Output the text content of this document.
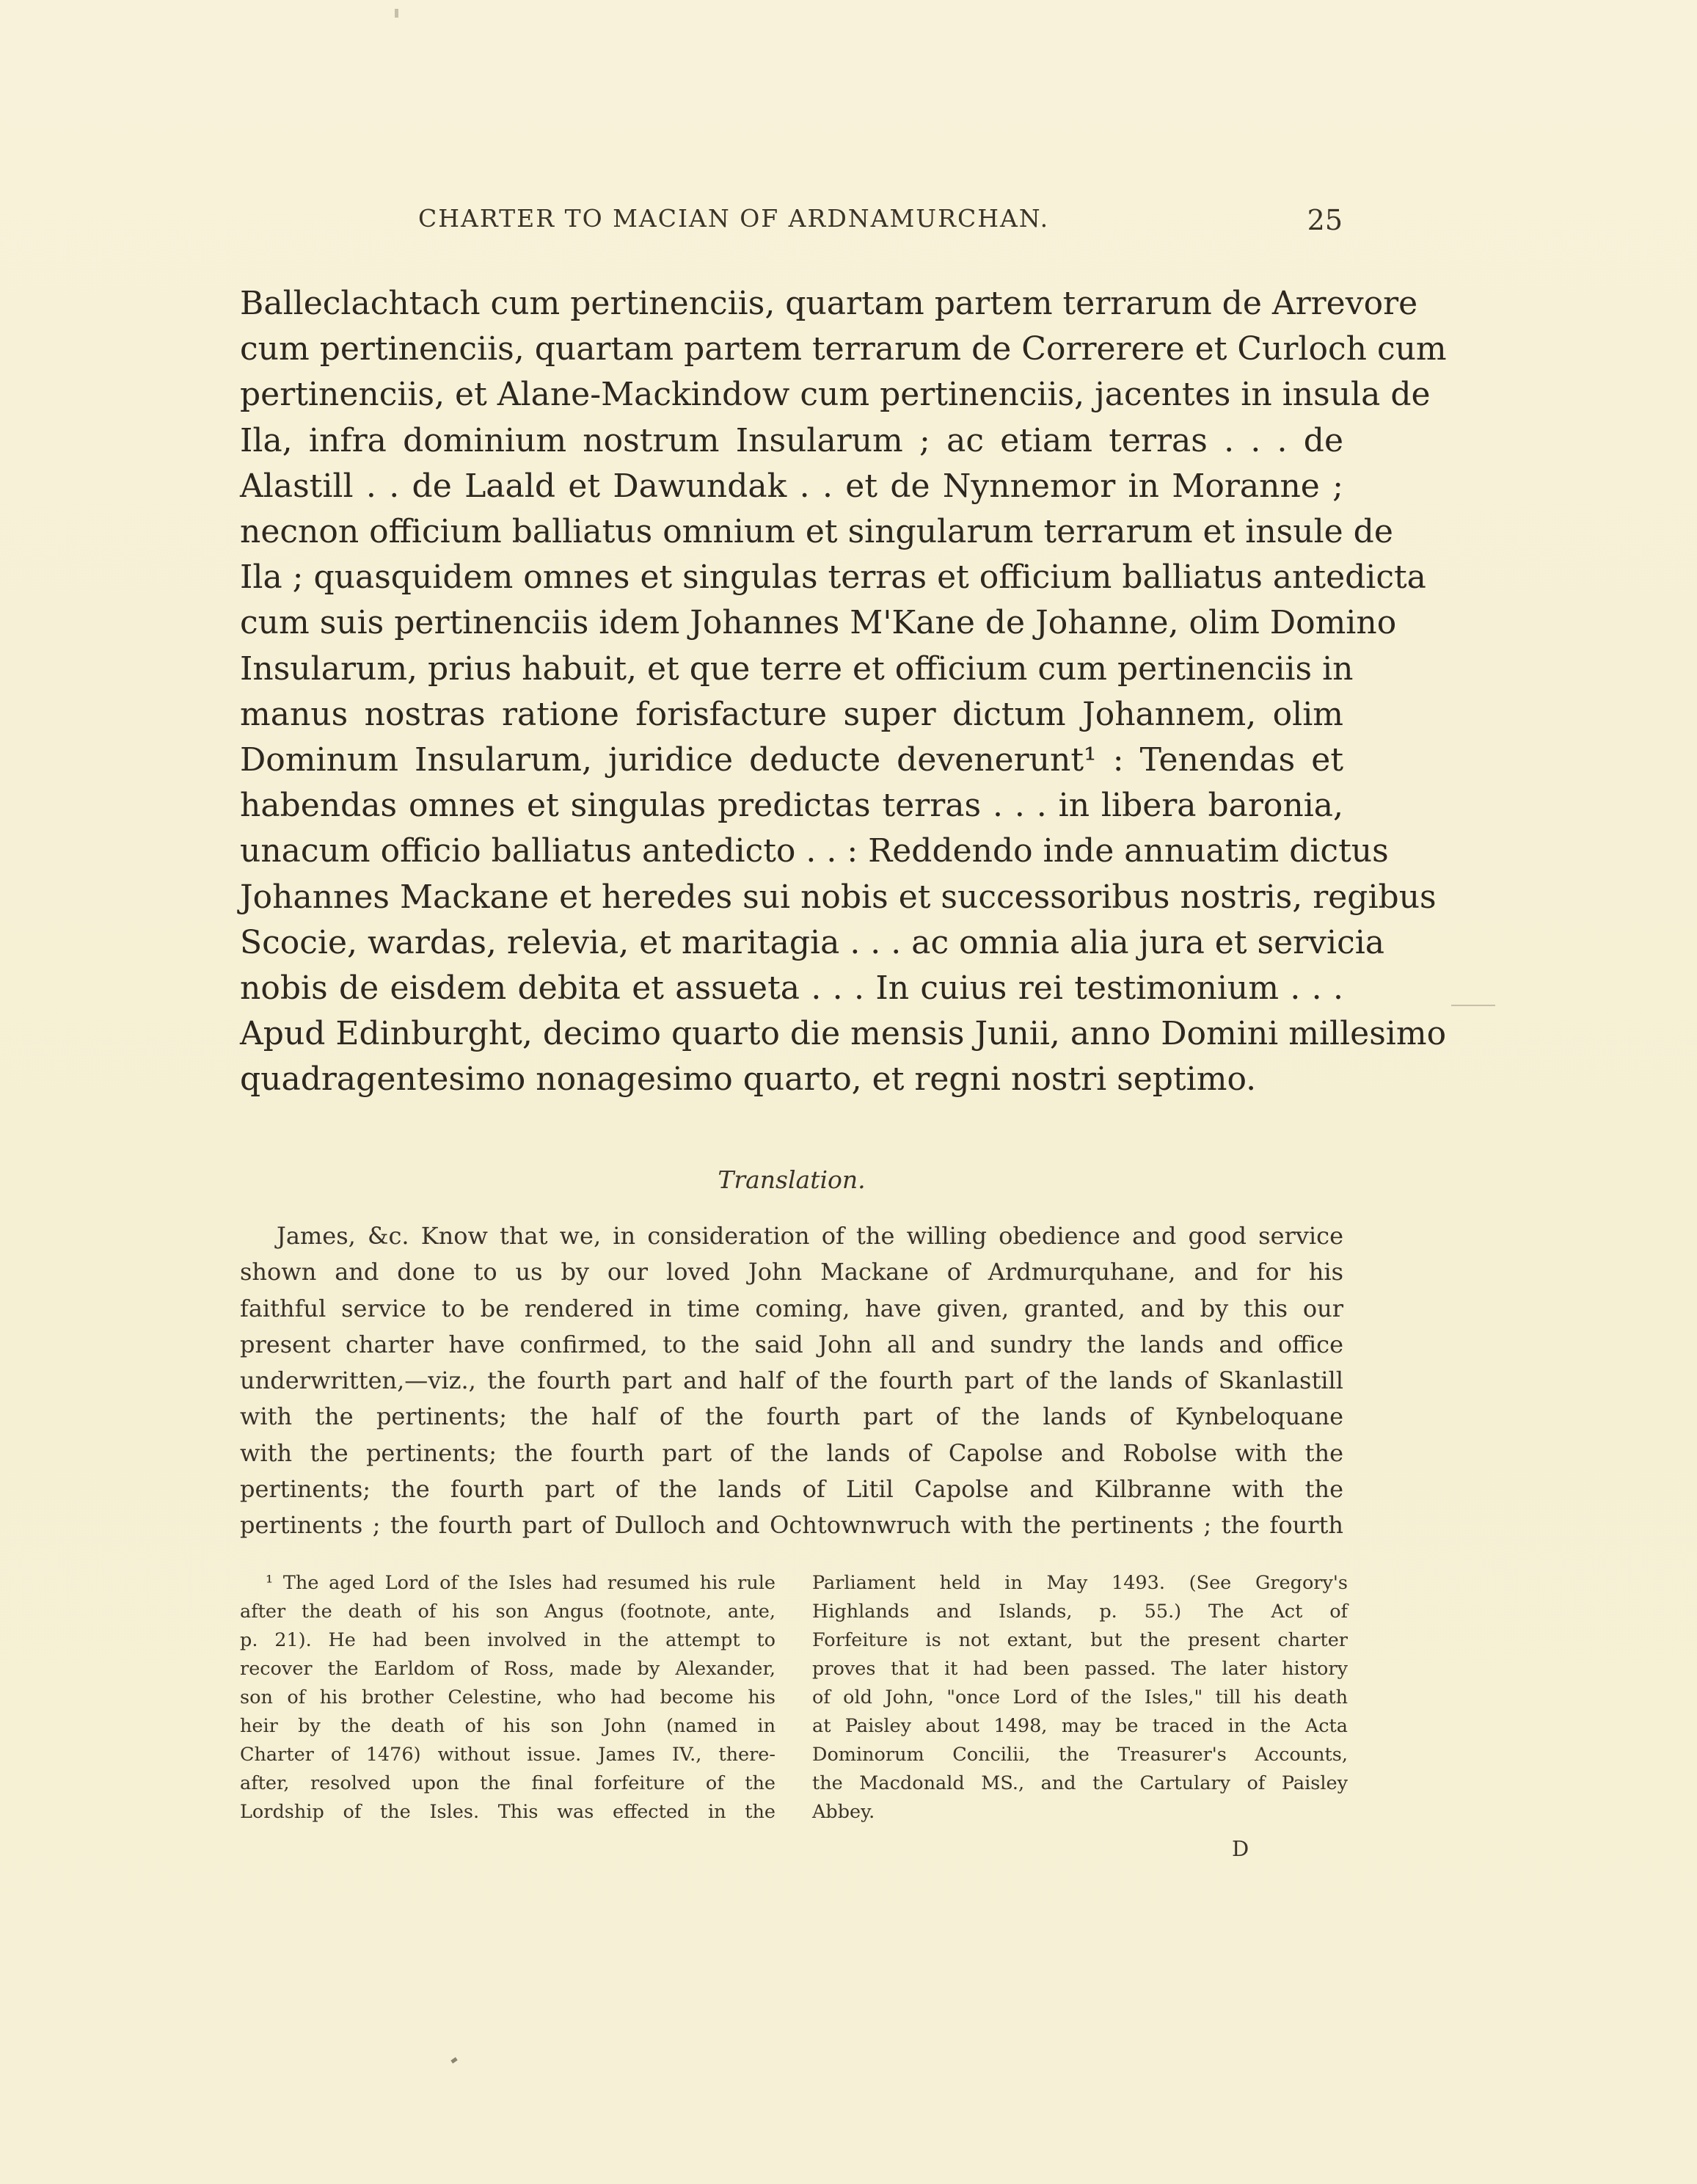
CHARTER TO MACIAN OF ARDNAMURCHAN.	25
Balleclachtach cum pertinenciis, quartam partem terrarum de Arrevore
cum pertinenciis, quartam partem terrarum de Correrere et Curloch cum
pertinenciis, et Alane-Mackindow cum pertinenciis, jacentes in insula de
Ila, infra dominium nostrum Insularum ; ac etiam terras . . . de
Alastill . . de Laald et Dawundak . . et de Nynnemor in Moranne ;
necnon officium balliatus omnium et singularum terrarum et insule de
Ila ; quasquidem omnes et singulas terras et officium balliatus antedicta
cum suis pertinenciis idem Johannes M'Kane de Johanne, olim Domino
Insularum, prius habuit, et que terre et officium cum pertinenciis in
manus nostras ratione forisfacture super dictum Johannem, olim
Dominum Insularum, juridice deducte devenerunt¹ : Tenendas et
habendas omnes et singulas predictas terras . . . in libera baronia,
unacum officio balliatus antedicto . . : Reddendo inde annuatim dictus
Johannes Mackane et heredes sui nobis et successoribus nostris, regibus
Scocie, wardas, relevia, et maritagia . . . ac omnia alia jura et servicia
nobis de eisdem debita et assueta . . . In cuius rei testimonium . . .
Apud Edinburght, decimo quarto die mensis Junii, anno Domini millesimo
quadragentesimo nonagesimo quarto, et regni nostri septimo.
Translation.
James, &c. Know that we, in consideration of the willing obedience and good service
shown and done to us by our loved John Mackane of Ardmurquhane, and for his
faithful service to be rendered in time coming, have given, granted, and by this our
present charter have confirmed, to the said John all and sundry the lands and office
underwritten,—viz., the fourth part and half of the fourth part of the lands of Skanlastill
with the pertinents; the half of the fourth part of the lands of Kynbeloquane
with the pertinents; the fourth part of the lands of Capolse and Robolse with the
pertinents; the fourth part of the lands of Litil Capolse and Kilbranne with the
pertinents ; the fourth part of Dulloch and Ochtownwruch with the pertinents ; the fourth
¹ The aged Lord of the Isles had resumed his rule
after the death of his son Angus (footnote, ante,
p. 21). He had been involved in the attempt to
recover the Earldom of Ross, made by Alexander,
son of his brother Celestine, who had become his
heir by the death of his son John (named in
Charter of 1476) without issue. James IV., there-
after, resolved upon the final forfeiture of the
Lordship of the Isles. This was effected in the
Parliament held in May 1493. (See Gregory's
Highlands and Islands, p. 55.) The Act of
Forfeiture is not extant, but the present charter
proves that it had been passed. The later history
of old John, "once Lord of the Isles," till his death
at Paisley about 1498, may be traced in the Acta
Dominorum Concilii, the Treasurer's Accounts,
the Macdonald MS., and the Cartulary of Paisley
Abbey.
D
